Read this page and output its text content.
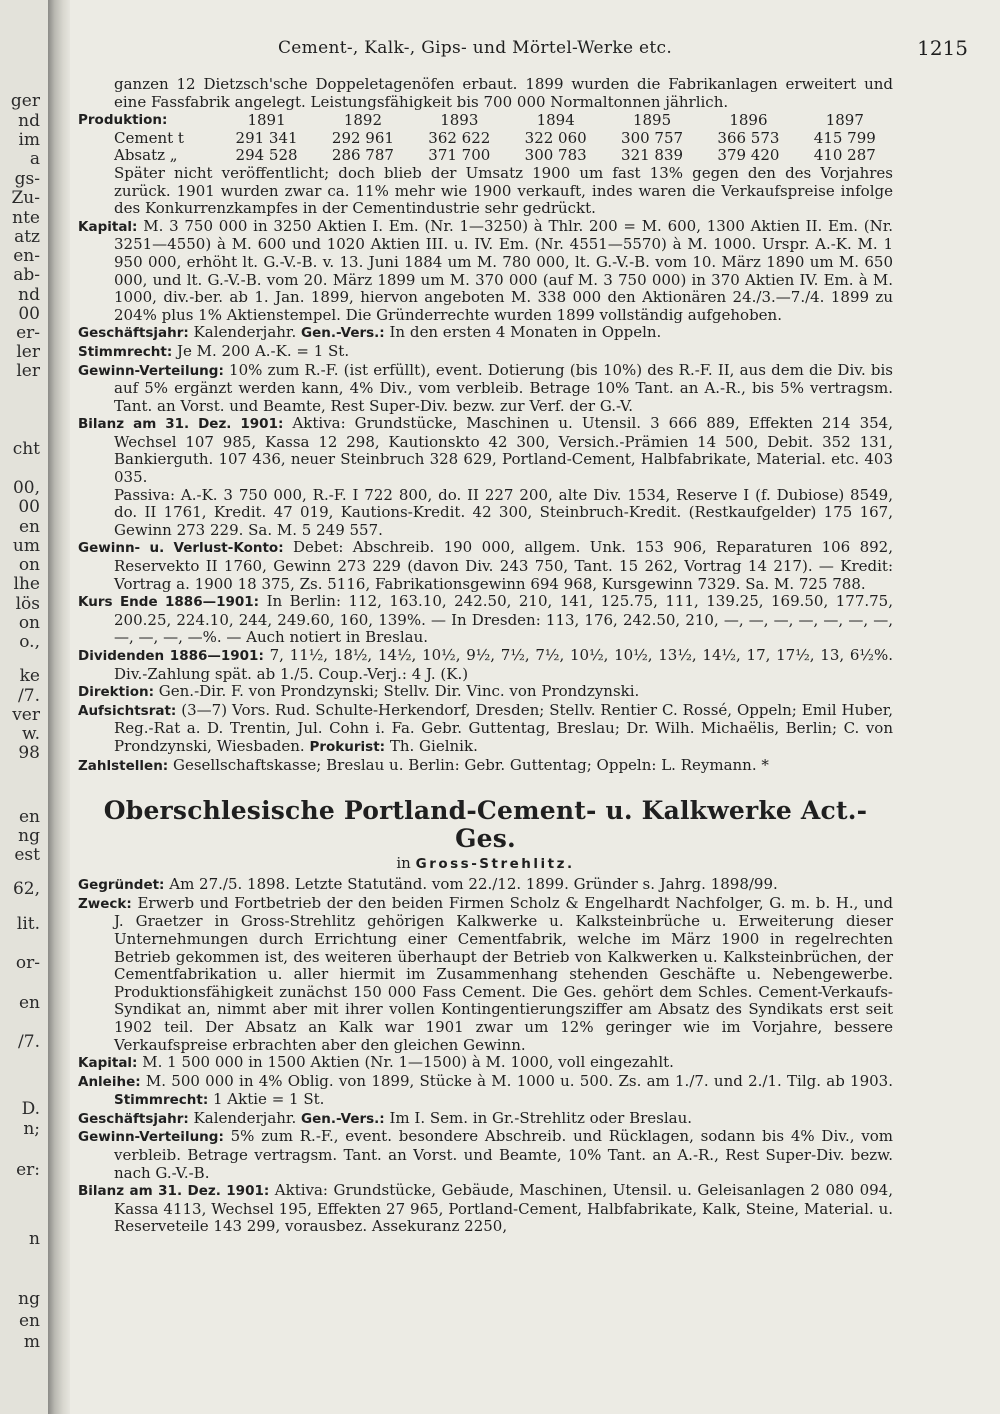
ger
nd
im
a
gs-
Zu-
nte
atz
en-
ab-
nd
00
er-
ler
ler
cht
00,
00
en
um
on
lhe
lös
on
o.,
ke
/7.
ver
w.
98
en
ng
est
62,
lit.
or-
en
/7.
D.
n;
er:
n
ng
en
m
Cement-, Kalk-, Gips- und Mörtel-Werke etc.	1215

ganzen 12 Dietzsch'sche Doppeletagenöfen erbaut. 1899 wurden die Fabrikanlagen erweitert und eine Fassfabrik angelegt. Leistungsfähigkeit bis 700 000 Normaltonnen jährlich.

Produktion:	1891	1892	1893	1894	1895	1896	1897
Cement t	291 341	292 961	362 622	322 060	300 757	366 573	415 799
Absatz „	294 528	286 787	371 700	300 783	321 839	379 420	410 287

Später nicht veröffentlicht; doch blieb der Umsatz 1900 um fast 13% gegen den des Vorjahres zurück. 1901 wurden zwar ca. 11% mehr wie 1900 verkauft, indes waren die Verkaufspreise infolge des Konkurrenzkampfes in der Cementindustrie sehr gedrückt.

Kapital: M. 3 750 000 in 3250 Aktien I. Em. (Nr. 1—3250) à Thlr. 200 = M. 600, 1300 Aktien II. Em. (Nr. 3251—4550) à M. 600 und 1020 Aktien III. u. IV. Em. (Nr. 4551—5570) à M. 1000. Urspr. A.-K. M. 1 950 000, erhöht lt. G.-V.-B. v. 13. Juni 1884 um M. 780 000, lt. G.-V.-B. vom 10. März 1890 um M. 650 000, und lt. G.-V.-B. vom 20. März 1899 um M. 370 000 (auf M. 3 750 000) in 370 Aktien IV. Em. à M. 1000, div.-ber. ab 1. Jan. 1899, hiervon angeboten M. 338 000 den Aktionären 24./3.—7./4. 1899 zu 204% plus 1% Aktienstempel. Die Gründerrechte wurden 1899 vollständig aufgehoben.

Geschäftsjahr: Kalenderjahr. Gen.-Vers.: In den ersten 4 Monaten in Oppeln.

Stimmrecht: Je M. 200 A.-K. = 1 St.

Gewinn-Verteilung: 10% zum R.-F. (ist erfüllt), event. Dotierung (bis 10%) des R.-F. II, aus dem die Div. bis auf 5% ergänzt werden kann, 4% Div., vom verbleib. Betrage 10% Tant. an A.-R., bis 5% vertragsm. Tant. an Vorst. und Beamte, Rest Super-Div. bezw. zur Verf. der G.-V.

Bilanz am 31. Dez. 1901: Aktiva: Grundstücke, Maschinen u. Utensil. 3 666 889, Effekten 214 354, Wechsel 107 985, Kassa 12 298, Kautionskto 42 300, Versich.-Prämien 14 500, Debit. 352 131, Bankierguth. 107 436, neuer Steinbruch 328 629, Portland-Cement, Halbfabrikate, Material. etc. 403 035.

Passiva: A.-K. 3 750 000, R.-F. I 722 800, do. II 227 200, alte Div. 1534, Reserve I (f. Dubiose) 8549, do. II 1761, Kredit. 47 019, Kautions-Kredit. 42 300, Steinbruch-Kredit. (Restkaufgelder) 175 167, Gewinn 273 229. Sa. M. 5 249 557.

Gewinn- u. Verlust-Konto: Debet: Abschreib. 190 000, allgem. Unk. 153 906, Reparaturen 106 892, Reservekto II 1760, Gewinn 273 229 (davon Div. 243 750, Tant. 15 262, Vortrag 14 217). — Kredit: Vortrag a. 1900 18 375, Zs. 5116, Fabrikationsgewinn 694 968, Kursgewinn 7329. Sa. M. 725 788.

Kurs Ende 1886—1901: In Berlin: 112, 163.10, 242.50, 210, 141, 125.75, 111, 139.25, 169.50, 177.75, 200.25, 224.10, 244, 249.60, 160, 139%. — In Dresden: 113, 176, 242.50, 210, —, —, —, —, —, —, —, —, —, —, —%. — Auch notiert in Breslau.

Dividenden 1886—1901: 7, 11½, 18½, 14½, 10½, 9½, 7½, 7½, 10½, 10½, 13½, 14½, 17, 17½, 13, 6½%. Div.-Zahlung spät. ab 1./5. Coup.-Verj.: 4 J. (K.)

Direktion: Gen.-Dir. F. von Prondzynski; Stellv. Dir. Vinc. von Prondzynski.

Aufsichtsrat: (3—7) Vors. Rud. Schulte-Herkendorf, Dresden; Stellv. Rentier C. Rossé, Oppeln; Emil Huber, Reg.-Rat a. D. Trentin, Jul. Cohn i. Fa. Gebr. Guttentag, Breslau; Dr. Wilh. Michaëlis, Berlin; C. von Prondzynski, Wiesbaden. Prokurist: Th. Gielnik.

Zahlstellen: Gesellschaftskasse; Breslau u. Berlin: Gebr. Guttentag; Oppeln: L. Reymann. *

Oberschlesische Portland-Cement- u. Kalkwerke Act.-Ges.
in Gross-Strehlitz.

Gegründet: Am 27./5. 1898. Letzte Statutänd. vom 22./12. 1899. Gründer s. Jahrg. 1898/99.

Zweck: Erwerb und Fortbetrieb der den beiden Firmen Scholz & Engelhardt Nachfolger, G. m. b. H., und J. Graetzer in Gross-Strehlitz gehörigen Kalkwerke u. Kalksteinbrüche u. Erweiterung dieser Unternehmungen durch Errichtung einer Cementfabrik, welche im März 1900 in regelrechten Betrieb gekommen ist, des weiteren überhaupt der Betrieb von Kalkwerken u. Kalksteinbrüchen, der Cementfabrikation u. aller hiermit im Zusammenhang stehenden Geschäfte u. Nebengewerbe. Produktionsfähigkeit zunächst 150 000 Fass Cement. Die Ges. gehört dem Schles. Cement-Verkaufs-Syndikat an, nimmt aber mit ihrer vollen Kontingentierungsziffer am Absatz des Syndikats erst seit 1902 teil. Der Absatz an Kalk war 1901 zwar um 12% geringer wie im Vorjahre, bessere Verkaufspreise erbrachten aber den gleichen Gewinn.

Kapital: M. 1 500 000 in 1500 Aktien (Nr. 1—1500) à M. 1000, voll eingezahlt.

Anleihe: M. 500 000 in 4% Oblig. von 1899, Stücke à M. 1000 u. 500. Zs. am 1./7. und 2./1. Tilg. ab 1903. Stimmrecht: 1 Aktie = 1 St.

Geschäftsjahr: Kalenderjahr. Gen.-Vers.: Im I. Sem. in Gr.-Strehlitz oder Breslau.

Gewinn-Verteilung: 5% zum R.-F., event. besondere Abschreib. und Rücklagen, sodann bis 4% Div., vom verbleib. Betrage vertragsm. Tant. an Vorst. und Beamte, 10% Tant. an A.-R., Rest Super-Div. bezw. nach G.-V.-B.

Bilanz am 31. Dez. 1901: Aktiva: Grundstücke, Gebäude, Maschinen, Utensil. u. Geleisanlagen 2 080 094, Kassa 4113, Wechsel 195, Effekten 27 965, Portland-Cement, Halbfabrikate, Kalk, Steine, Material. u. Reserveteile 143 299, vorausbez. Assekuranz 2250,
